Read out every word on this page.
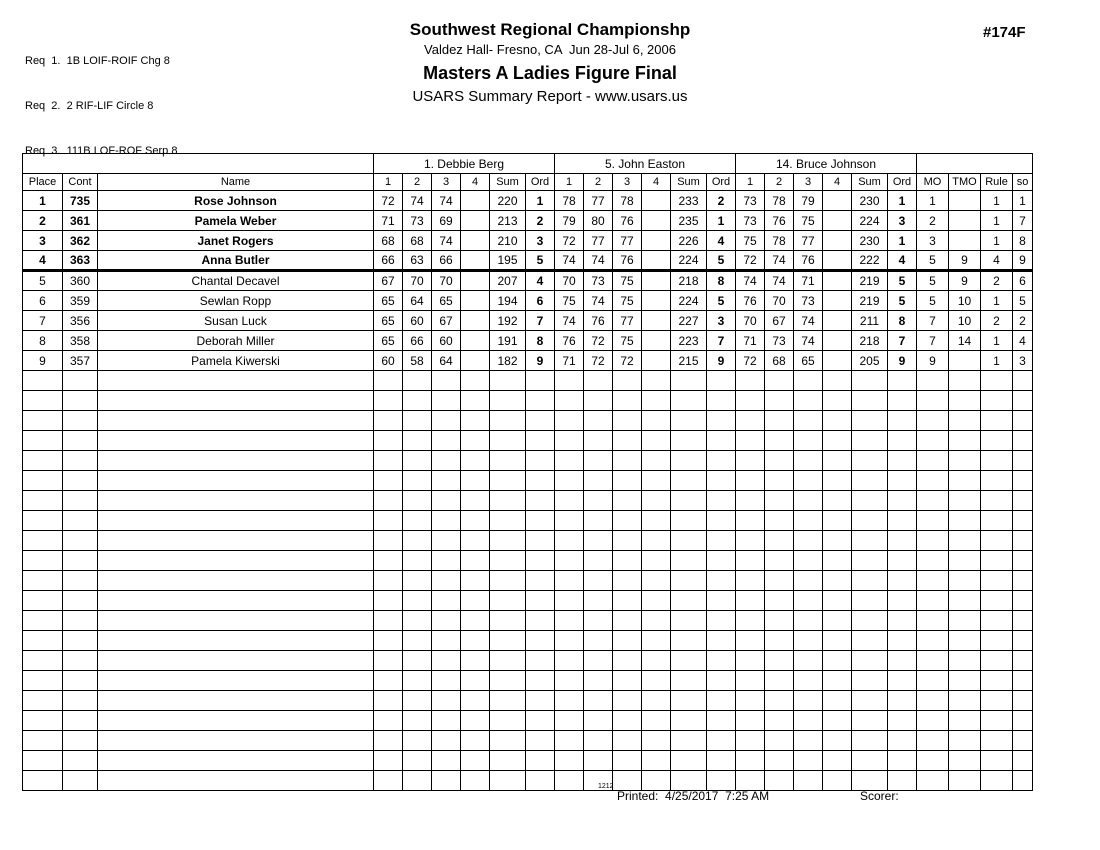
Req  1.  1B LOIF-ROIF Chg 8

Req  2.  2 RIF-LIF Circle 8

Req  3.  111B LOF-ROF Serp 8

#174F
Southwest Regional Championshp
Valdez Hall- Fresno, CA  Jun 28-Jul 6, 2006
Masters A Ladies Figure Final
USARS Summary Report - www.usars.us
			1. Debbie Berg						5. John Easton						14. Bruce Johnson									
Place	Cont	Name	1	2	3	4	Sum	Ord	1	2	3	4	Sum	Ord	1	2	3	4	Sum	Ord	MO	TMO	Rule	so
1	735	Rose Johnson	72	74	74		220	1	78	77	78		233	2	73	78	79		230	1	1		1	1
2	361	Pamela Weber	71	73	69		213	2	79	80	76		235	1	73	76	75		224	3	2		1	7
3	362	Janet Rogers	68	68	74		210	3	72	77	77		226	4	75	78	77		230	1	3		1	8
4	363	Anna Butler	66	63	66		195	5	74	74	76		224	5	72	74	76		222	4	5	9	4	9
5	360	Chantal Decavel	67	70	70		207	4	70	73	75		218	8	74	74	71		219	5	5	9	2	6
6	359	Sewlan Ropp	65	64	65		194	6	75	74	75		224	5	76	70	73		219	5	5	10	1	5
7	356	Susan Luck	65	60	67		192	7	74	76	77		227	3	70	67	74		211	8	7	10	2	2
8	358	Deborah Miller	65	66	60		191	8	76	72	75		223	7	71	73	74		218	7	7	14	1	4
9	357	Pamela Kiwerski	60	58	64		182	9	71	72	72		215	9	72	68	65		205	9	9		1	3

1212
Printed:  4/25/2017  7:25 AM	Scorer:
